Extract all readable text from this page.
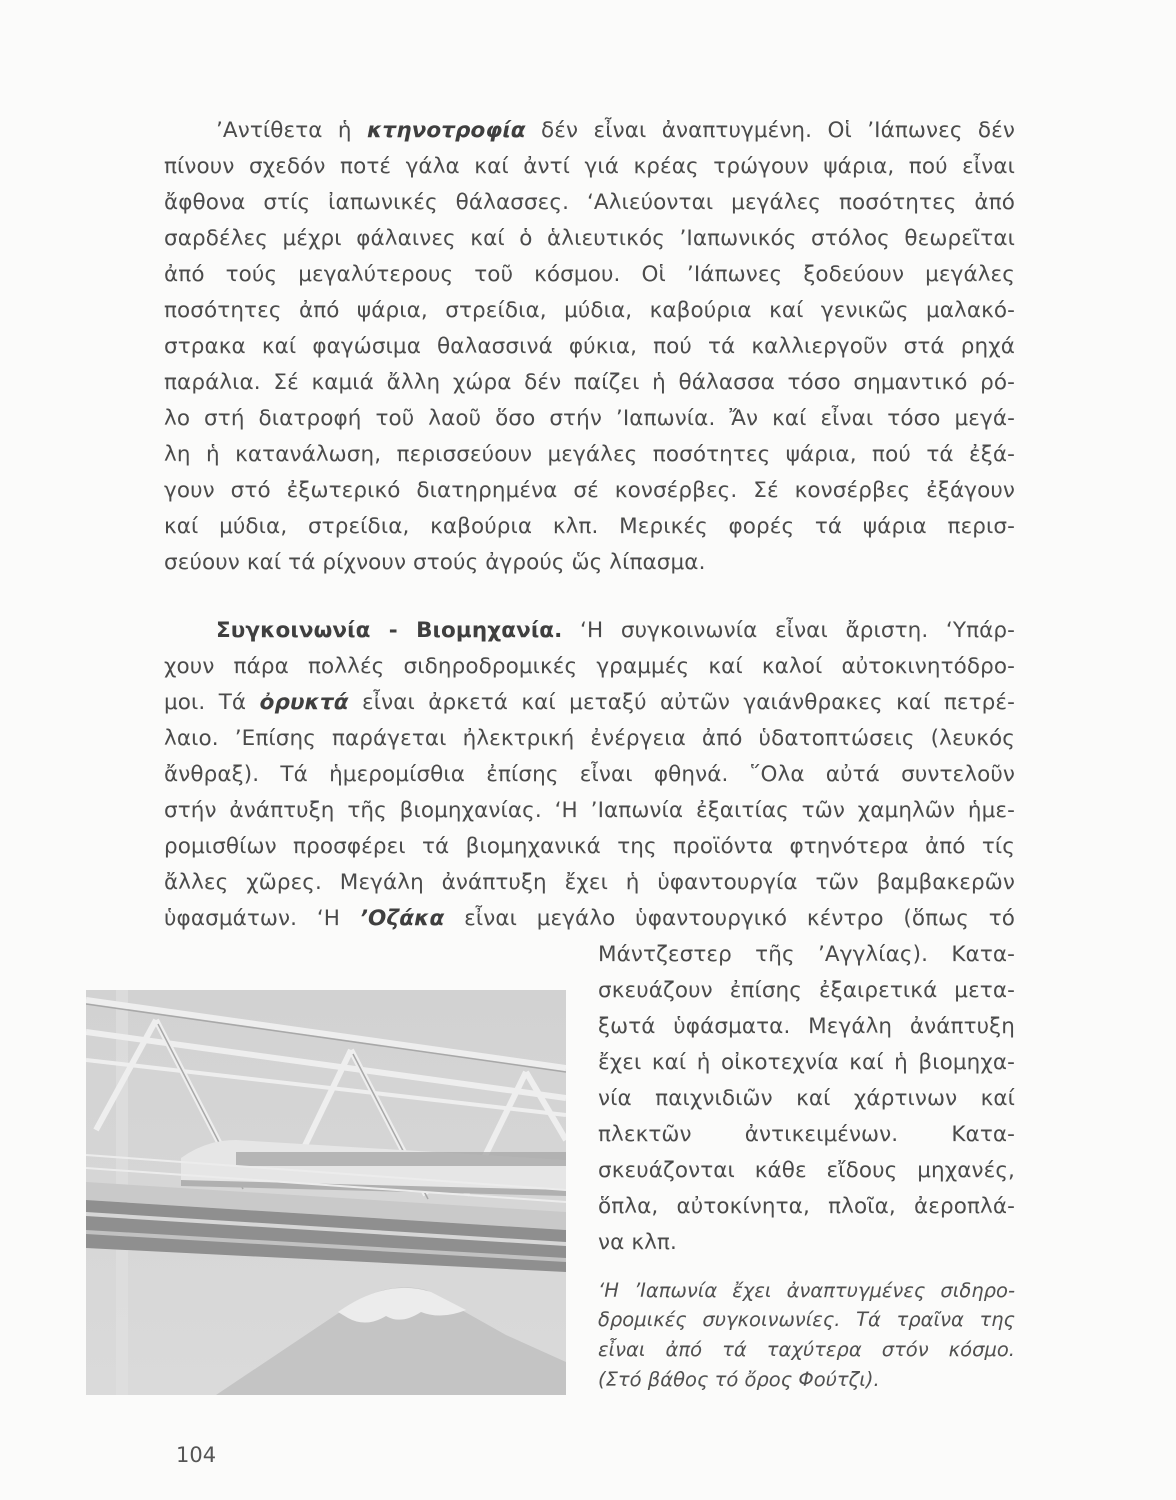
’Αντίθετα ἡ κτηνοτροφία δέν εἶναι ἀναπτυγμένη. Οἱ ’Ιάπωνες δέν
πίνουν σχεδόν ποτέ γάλα καί ἀντί γιά κρέας τρώγουν ψάρια, πού εἶναι
ἄφθονα στίς ἰαπωνικές θάλασσες. ‘Αλιεύονται μεγάλες ποσότητες ἀπό
σαρδέλες μέχρι φάλαινες καί ὁ ἁλιευτικός ’Ιαπωνικός στόλος θεωρεῖται
ἀπό τούς μεγαλύτερους τοῦ κόσμου. Οἱ ’Ιάπωνες ξοδεύουν μεγάλες
ποσότητες ἀπό ψάρια, στρείδια, μύδια, καβούρια καί γενικῶς μαλακό-
στρακα καί φαγώσιμα θαλασσινά φύκια, πού τά καλλιεργοῦν στά ρηχά
παράλια. Σέ καμιά ἄλλη χώρα δέν παίζει ἡ θάλασσα τόσο σημαντικό ρό-
λο στή διατροφή τοῦ λαοῦ ὅσο στήν ’Ιαπωνία. Ἄν καί εἶναι τόσο μεγά-
λη ἡ κατανάλωση, περισσεύουν μεγάλες ποσότητες ψάρια, πού τά ἐξά-
γουν στό ἐξωτερικό διατηρημένα σέ κονσέρβες. Σέ κονσέρβες ἐξάγουν
καί μύδια, στρείδια, καβούρια κλπ. Μερικές φορές τά ψάρια περισ-
σεύουν καί τά ρίχνουν στούς ἀγρούς ὥς λίπασμα.
Συγκοινωνία - Βιομηχανία. ‘Η συγκοινωνία εἶναι ἄριστη. ‘Υπάρ-
χουν πάρα πολλές σιδηροδρομικές γραμμές καί καλοί αὐτοκινητόδρο-
μοι. Τά ὀρυκτά εἶναι ἀρκετά καί μεταξύ αὐτῶν γαιάνθρακες καί πετρέ-
λαιο. ’Επίσης παράγεται ἠλεκτρική ἐνέργεια ἀπό ὑδατοπτώσεις (λευκός
ἄνθραξ). Τά ἡμερομίσθια ἐπίσης εἶναι φθηνά. ῞Ολα αὐτά συντελοῦν
στήν ἀνάπτυξη τῆς βιομηχανίας. ‘Η ’Ιαπωνία ἐξαιτίας τῶν χαμηλῶν ἡμε-
ρομισθίων προσφέρει τά βιομηχανικά της προϊόντα φτηνότερα ἀπό τίς
ἄλλες χῶρες. Μεγάλη ἀνάπτυξη ἔχει ἡ ὑφαντουργία τῶν βαμβακερῶν
ὑφασμάτων. ‘Η ’Οζάκα εἶναι μεγάλο ὑφαντουργικό κέντρο (ὅπως τό
Μάντζεστερ τῆς ’Αγγλίας). Κατα-
σκευάζουν ἐπίσης ἐξαιρετικά μετα-
ξωτά ὑφάσματα. Μεγάλη ἀνάπτυξη
ἔχει καί ἡ οἰκοτεχνία καί ἡ βιομηχα-
νία παιχνιδιῶν καί χάρτινων καί
πλεκτῶν ἀντικειμένων. Κατα-
σκευάζονται κάθε εἴδους μηχανές,
ὅπλα, αὐτοκίνητα, πλοῖα, ἀεροπλά-
να κλπ.
‘Η ’Ιαπωνία ἔχει ἀναπτυγμένες σιδηρο-
δρομικές συγκοινωνίες. Τά τραῖνα της
εἶναι ἀπό τά ταχύτερα στόν κόσμο.
(Στό βάθος τό ὄρος Φούτζι).
104
